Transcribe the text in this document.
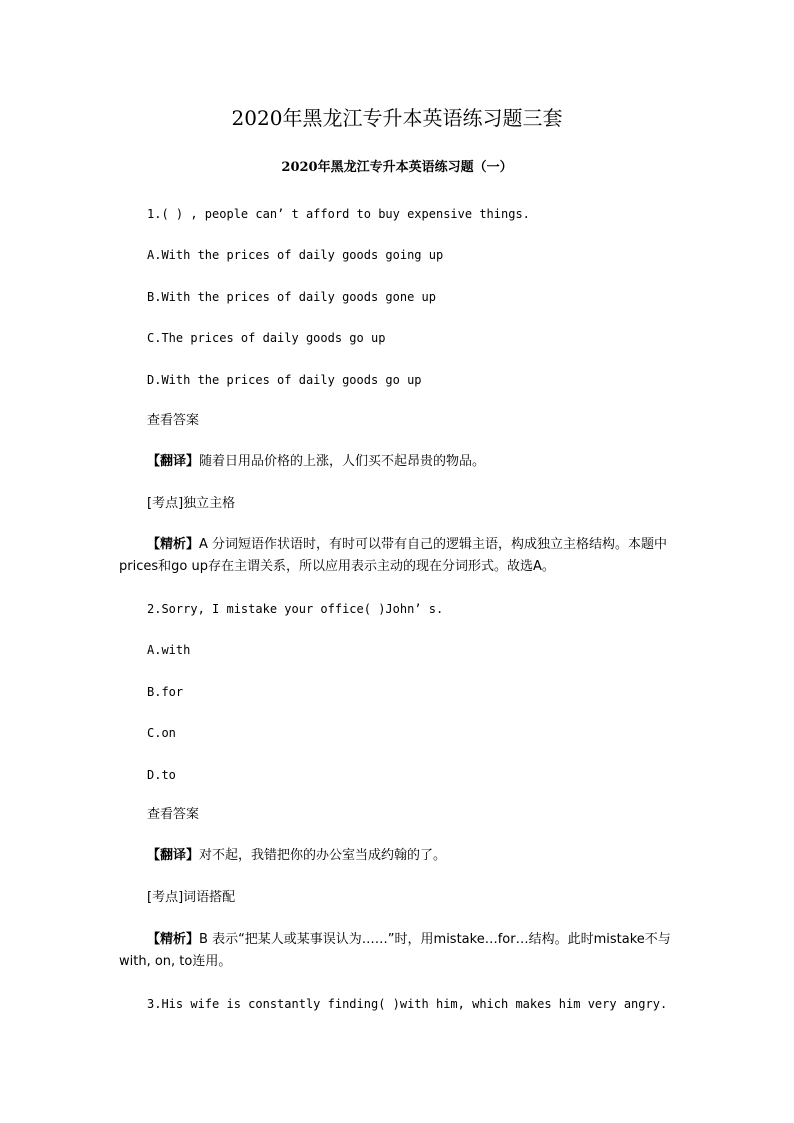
2020年黑龙江专升本英语练习题三套
2020年黑龙江专升本英语练习题（一）
1.( ) , people can’ t afford to buy expensive things.
A.With the prices of daily goods going up
B.With the prices of daily goods gone up
C.The prices of daily goods go up
D.With the prices of daily goods go up
查看答案
【翻译】随着日用品价格的上涨，人们买不起昂贵的物品。
[考点]独立主格
【精析】A 分词短语作状语时，有时可以带有自己的逻辑主语，构成独立主格结构。本题中prices和go up存在主谓关系，所以应用表示主动的现在分词形式。故选A。
2.Sorry, I mistake your office( )John’ s.
A.with
B.for
C.on
D.to
查看答案
【翻译】对不起，我错把你的办公室当成约翰的了。
[考点]词语搭配
【精析】B 表示“把某人或某事误认为……”时，用mistake…for…结构。此时mistake不与with, on, to连用。
3.His wife is constantly finding( )with him, which makes him very angry.
